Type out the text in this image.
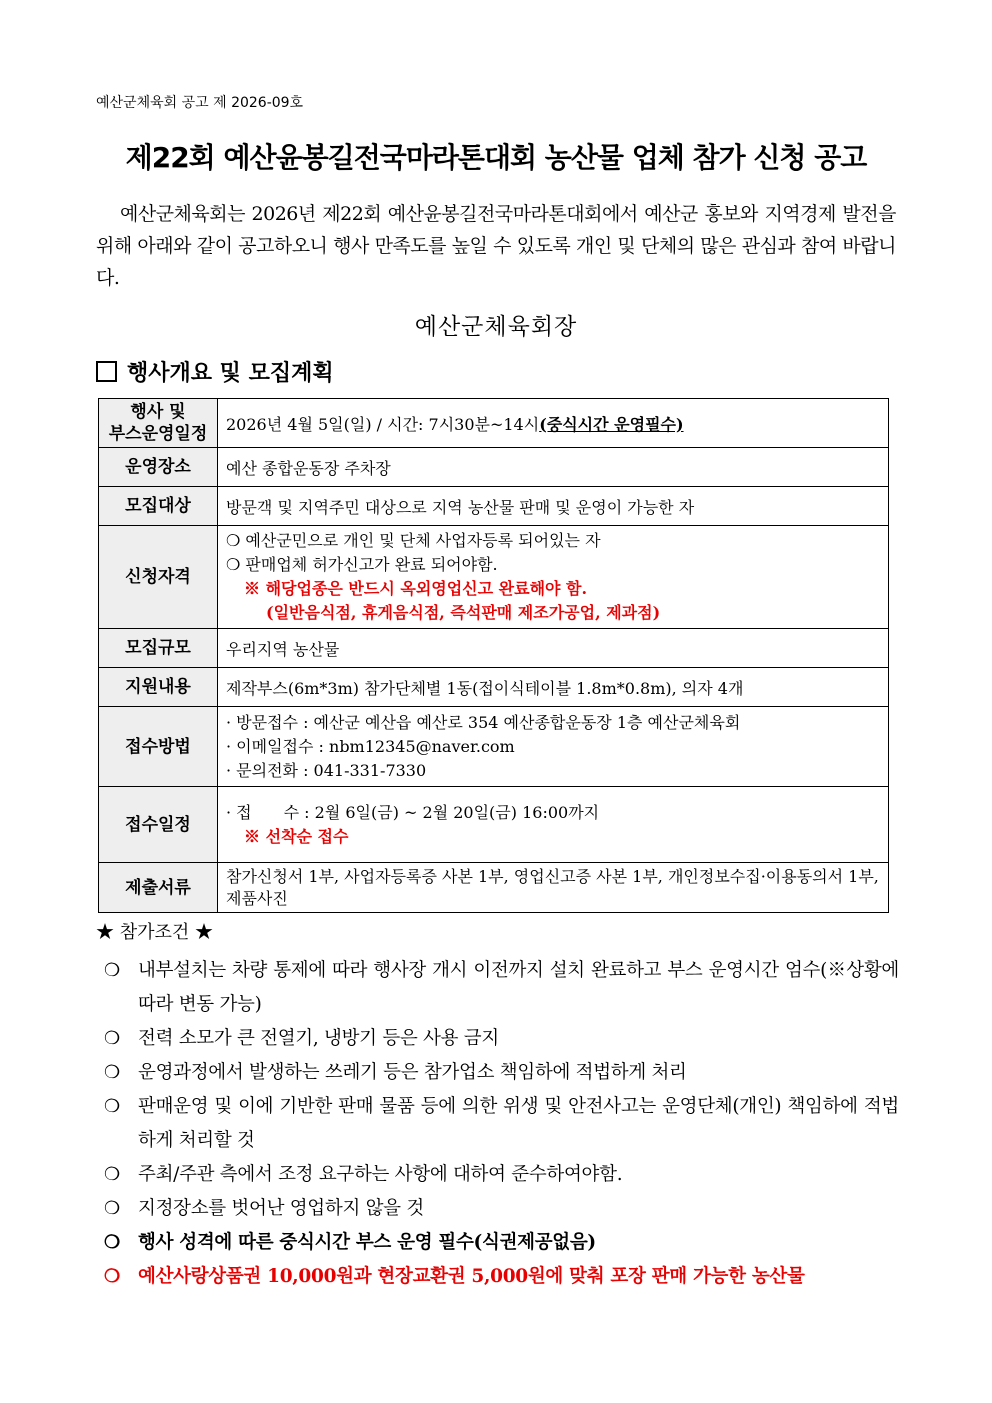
예산군체육회 공고 제 2026-09호
제22회 예산윤봉길전국마라톤대회 농산물 업체 참가 신청 공고
예산군체육회는 2026년 제22회 예산윤봉길전국마라톤대회에서 예산군 홍보와 지역경제 발전을 위해 아래와 같이 공고하오니 행사 만족도를 높일 수 있도록 개인 및 단체의 많은 관심과 참여 바랍니다.
예산군체육회장
행사개요 및 모집계획
행사 및
부스운영일정	2026년 4월 5일(일) / 시간: 7시30분~14시(중식시간 운영필수)
운영장소	예산 종합운동장 주차장
모집대상	방문객 및 지역주민 대상으로 지역 농산물 판매 및 운영이 가능한 자
신청자격	❍ 예산군민으로 개인 및 단체 사업자등록 되어있는 자
❍ 판매업체 허가신고가 완료 되어야함.
※ 해당업종은 반드시 옥외영업신고 완료해야 함.
(일반음식점, 휴게음식점, 즉석판매 제조가공업, 제과점)

모집규모	우리지역 농산물
지원내용	제작부스(6m*3m) 참가단체별 1동(접이식테이블 1.8m*0.8m), 의자 4개
접수방법	· 방문접수 : 예산군 예산읍 예산로 354 예산종합운동장 1층 예산군체육회
· 이메일접수 : nbm12345@naver.com
· 문의전화 : 041-331-7330

접수일정	· 접　　수 : 2월 6일(금) ~ 2월 20일(금) 16:00까지
※ 선착순 접수

제출서류	참가신청서 1부, 사업자등록증 사본 1부, 영업신고증 사본 1부, 개인정보수집·이용동의서 1부, 제품사진
★ 참가조건 ★
❍ 내부설치는 차량 통제에 따라 행사장 개시 이전까지 설치 완료하고 부스 운영시간 엄수(※상황에 따라 변동 가능)
❍ 전력 소모가 큰 전열기, 냉방기 등은 사용 금지
❍ 운영과정에서 발생하는 쓰레기 등은 참가업소 책임하에 적법하게 처리
❍ 판매운영 및 이에 기반한 판매 물품 등에 의한 위생 및 안전사고는 운영단체(개인) 책임하에 적법하게 처리할 것
❍ 주최/주관 측에서 조정 요구하는 사항에 대하여 준수하여야함.
❍ 지정장소를 벗어난 영업하지 않을 것
❍ 행사 성격에 따른 중식시간 부스 운영 필수(식권제공없음)
❍ 예산사랑상품권 10,000원과 현장교환권 5,000원에 맞춰 포장 판매 가능한 농산물
